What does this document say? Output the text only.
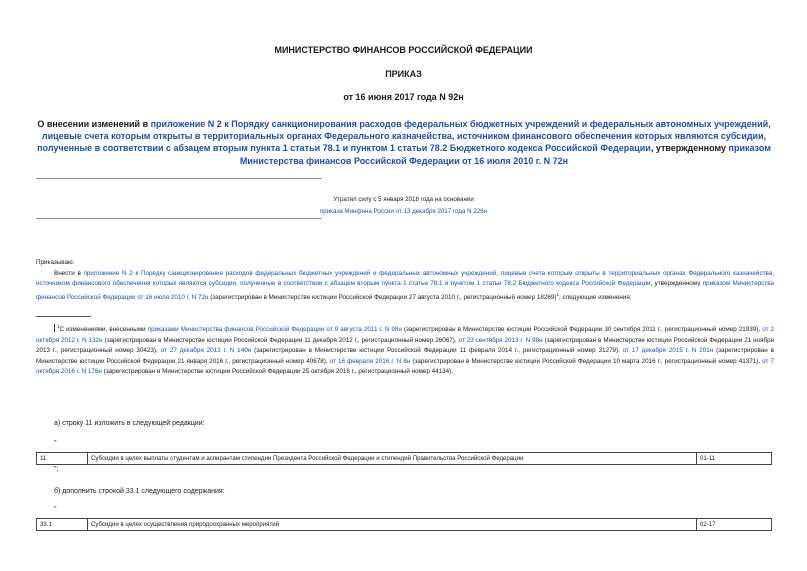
МИНИСТЕРСТВО ФИНАНСОВ РОССИЙСКОЙ ФЕДЕРАЦИИ
ПРИКАЗ
от 16 июня 2017 года N 92н
О внесении изменений в приложение N 2 к Порядку санкционирования расходов федеральных бюджетных учреждений и федеральных автономных учреждений, лицевые счета которым открыты в территориальных органах Федерального казначейства, источником финансового обеспечения которых являются субсидии, полученные в соответствии с абзацем вторым пункта 1 статьи 78.1 и пунктом 1 статьи 78.2 Бюджетного кодекса Российской Федерации, утвержденному приказом Министерства финансов Российской Федерации от 16 июля 2010 г. N 72н
Утратил силу с 5 января 2018 года на основании
приказа Минфина России от 13 декабря 2017 года N 226н

Приказываю:

Внести в приложение N 2 к Порядку санкционирования расходов федеральных бюджетных учреждений и федеральных автономных учреждений, лицевые счета которым открыты в территориальных органах Федерального казначейства, источником финансового обеспечения которых являются субсидии, полученные в соответствии с абзацем вторым пункта 1 статьи 78.1 и пунктом 1 статьи 78.2 Бюджетного кодекса Российской Федерации, утвержденному приказом Министерства финансов Российской Федерации от 16 июля 2010 г. N 72н (зарегистрирован в Министерстве юстиции Российской Федерации 27 августа 2010 г., регистрационный номер 18269)$^1$, следующие изменения:

$^1$С изменениями, внесенными приказами Министерства финансов Российской Федерации от 9 августа 2011 г. N 98н (зарегистрирован в Министерстве юстиции Российской Федерации 30 сентября 2011 г., регистрационный номер 21939), от 2 октября 2012 г. N 132н (зарегистрирован в Министерстве юстиции Российской Федерации 11 декабря 2012 г., регистрационный номер 26067), от 23 сентября 2013 г. N 98н (зарегистрирован в Министерстве юстиции Российской Федерации 21 ноября 2013 г., регистрационный номер 30423), от 27 декабря 2013 г. N 140н (зарегистрирован в Министерстве юстиции Российской Федерации 11 февраля 2014 г., регистрационный номер 31279), от 17 декабря 2015 г. N 201н (зарегистрирован в Министерстве юстиции Российской Федерации 21 января 2016 г., регистрационный номер 40678), от 16 февраля 2016 г. N 8н (зарегистрирован в Министерстве юстиции Российской Федерации 10 марта 2016 г., регистрационный номер 41371), от 7 октября 2016 г. N 176н (зарегистрирован в Министерстве юстиции Российской Федерации 25 октября 2016 г., регистрационный номер 44134).

а) строку 11 изложить в следующей редакции:
"
11	Субсидии в целях выплаты студентам и аспирантам стипендии Президента Российской Федерации и стипендий Правительства Российской Федерации	01-11
";
б) дополнить строкой 33.1 следующего содержания:
"
33.1	Субсидии в целях осуществления природоохранных мероприятий	02-17
